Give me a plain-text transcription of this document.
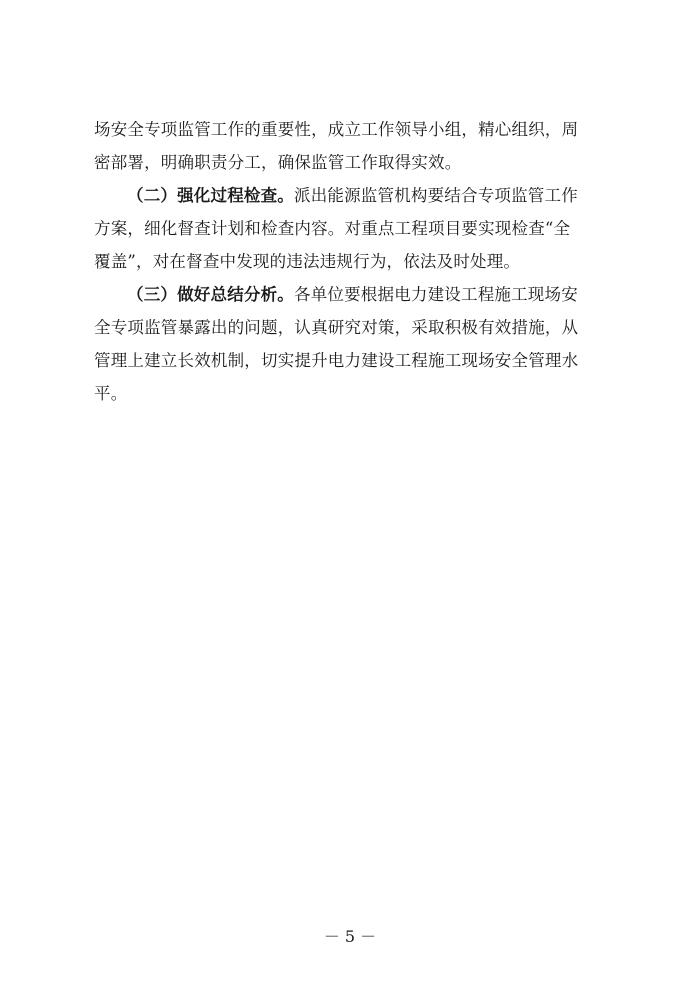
场安全专项监管工作的重要性，成立工作领导小组，精心组织，周
密部署，明确职责分工，确保监管工作取得实效。
（二）强化过程检查。派出能源监管机构要结合专项监管工作
方案，细化督查计划和检查内容。对重点工程项目要实现检查“全
覆盖”，对在督查中发现的违法违规行为，依法及时处理。
（三）做好总结分析。各单位要根据电力建设工程施工现场安
全专项监管暴露出的问题，认真研究对策，采取积极有效措施，从
管理上建立长效机制，切实提升电力建设工程施工现场安全管理水
平。
－ 5 －
